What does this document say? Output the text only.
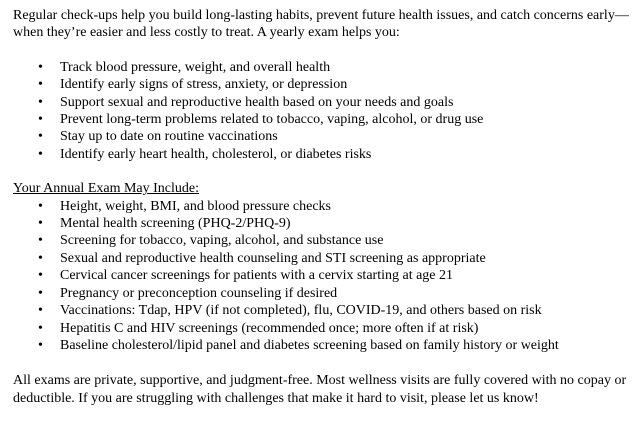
Regular check-ups help you build long-lasting habits, prevent future health issues, and catch concerns early—when they’re easier and less costly to treat. A yearly exam helps you:

• Track blood pressure, weight, and overall health
• Identify early signs of stress, anxiety, or depression
• Support sexual and reproductive health based on your needs and goals
• Prevent long-term problems related to tobacco, vaping, alcohol, or drug use
• Stay up to date on routine vaccinations
• Identify early heart health, cholesterol, or diabetes risks

Your Annual Exam May Include:

• Height, weight, BMI, and blood pressure checks
• Mental health screening (PHQ-2/PHQ-9)
• Screening for tobacco, vaping, alcohol, and substance use
• Sexual and reproductive health counseling and STI screening as appropriate
• Cervical cancer screenings for patients with a cervix starting at age 21
• Pregnancy or preconception counseling if desired
• Vaccinations: Tdap, HPV (if not completed), flu, COVID-19, and others based on risk
• Hepatitis C and HIV screenings (recommended once; more often if at risk)
• Baseline cholesterol/lipid panel and diabetes screening based on family history or weight

All exams are private, supportive, and judgment-free. Most wellness visits are fully covered with no copay or deductible. If you are struggling with challenges that make it hard to visit, please let us know!
